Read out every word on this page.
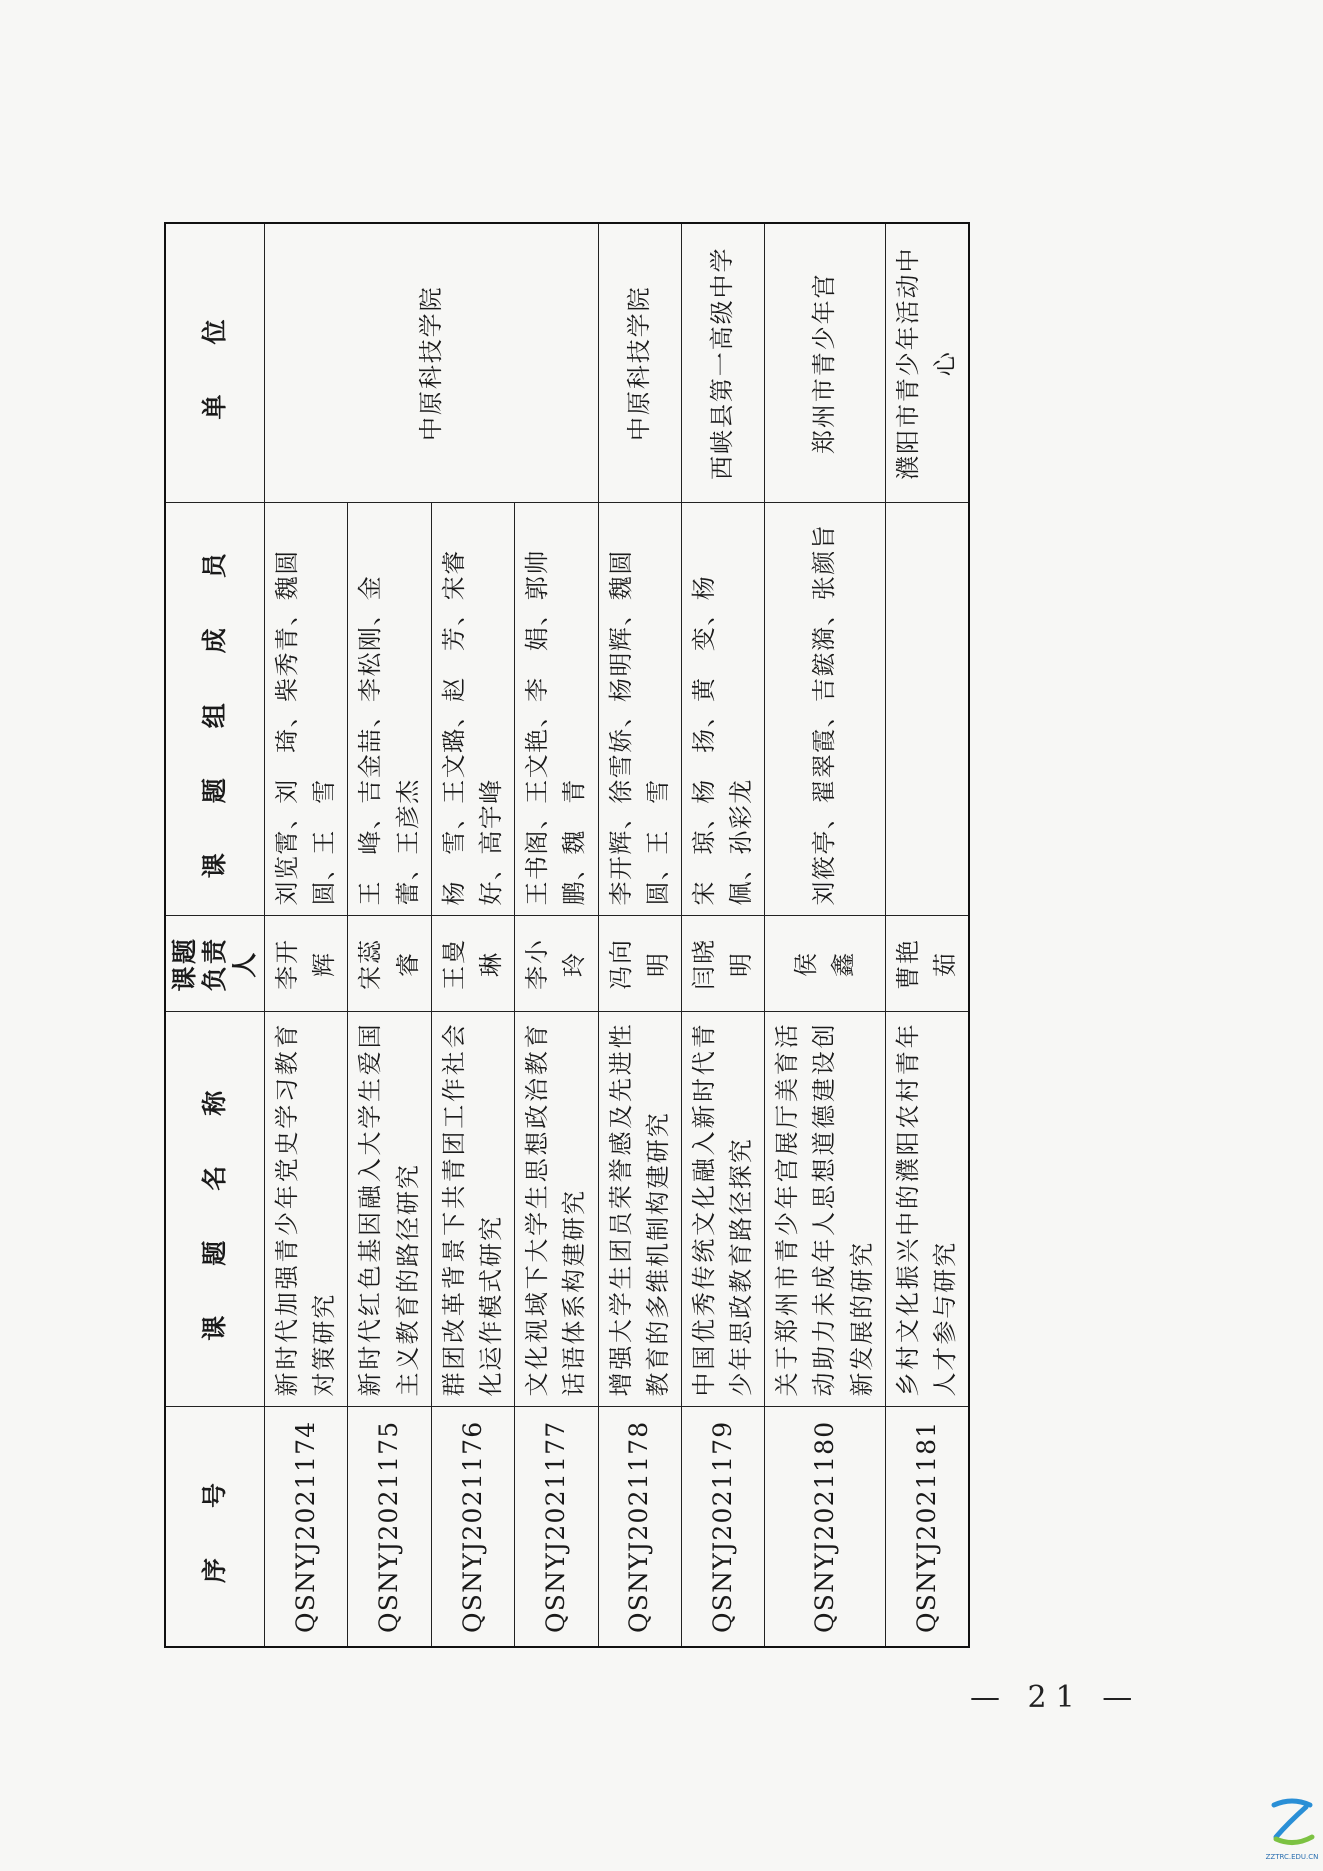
序　号	课　题　名　称	课题负责人	课　题　组　成　员	单　位
QSNYJ2021174	新时代加强青少年党史学习教育对策研究	李开辉	刘览霄、刘　琦、柴秀青、魏圆圆、王　雪	中原科技学院
QSNYJ2021175	新时代红色基因融入大学生爱国主义教育的路径研究	宋蕊睿	王　峰、吉金喆、李松刚、金　蕾、王彦杰	
QSNYJ2021176	群团改革背景下共青团工作社会化运作模式研究	王曼琳	杨　雪、王文璐、赵　芳、宋睿好、高宇峰	
QSNYJ2021177	文化视域下大学生思想政治教育话语体系构建研究	李小玲	王书阁、王文艳、李　娟、郭帅鹏、魏　青	
QSNYJ2021178	增强大学生团员荣誉感及先进性教育的多维机制构建研究	冯向明	李开辉、徐雪娇、杨明辉、魏圆圆、王　雪	中原科技学院
QSNYJ2021179	中国优秀传统文化融入新时代青少年思政教育路径探究	闫晓明	宋　琼、杨　扬、黄　变、杨　佩、孙彩龙	西峡县第一高级中学
QSNYJ2021180	关于郑州市青少年宫展厅美育活动助力未成年人思想道德建设创新发展的研究	侯　鑫	刘筱亭、翟翠霞、吉鋐漪、张颜旨	郑州市青少年宫
QSNYJ2021181	乡村文化振兴中的濮阳农村青年人才参与研究	曹艳茹		濮阳市青少年活动中心
— 21 —
ZZTRC.EDU.CN
